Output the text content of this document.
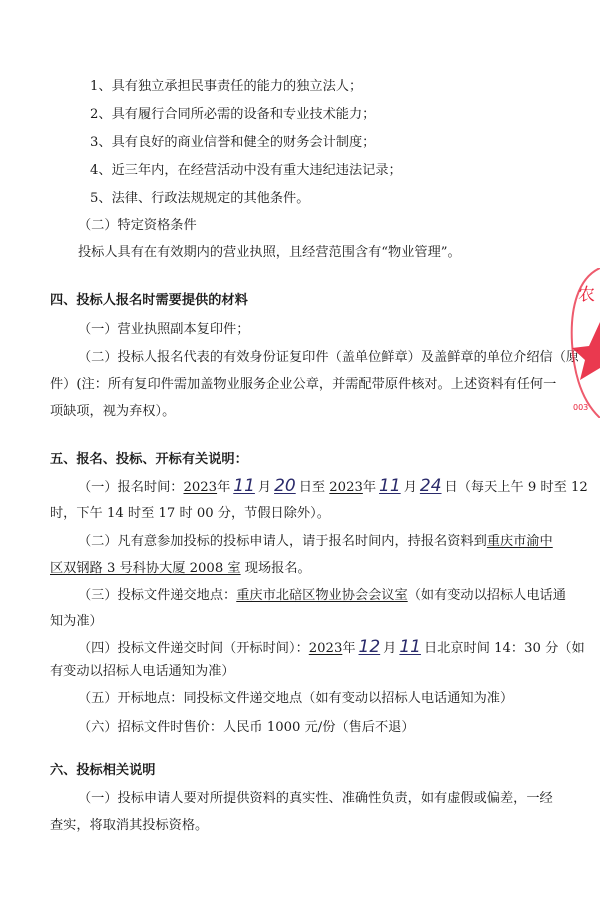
1、具有独立承担民事责任的能力的独立法人；
2、具有履行合同所必需的设备和专业技术能力；
3、具有良好的商业信誉和健全的财务会计制度；
4、近三年内，在经营活动中没有重大违纪违法记录；
5、法律、行政法规规定的其他条件。
（二）特定资格条件
投标人具有在有效期内的营业执照，且经营范围含有“物业管理”。
四、投标人报名时需要提供的材料
（一）营业执照副本复印件；
（二）投标人报名代表的有效身份证复印件（盖单位鲜章）及盖鲜章的单位介绍信（原
件）(注：所有复印件需加盖物业服务企业公章，并需配带原件核对。上述资料有任何一
项缺项，视为弃权）。
五、报名、投标、开标有关说明：
（一）报名时间：2023年 11 月 20 日至 2023年 11 月 24 日（每天上午 9 时至 12
时，下午 14 时至 17 时 00 分，节假日除外）。
（二）凡有意参加投标的投标申请人，请于报名时间内，持报名资料到重庆市渝中
区双钢路 3 号科协大厦 2008 室 现场报名。
（三）投标文件递交地点：重庆市北碚区物业协会会议室（如有变动以招标人电话通
知为准）
（四）投标文件递交时间（开标时间）：2023年 12 月 11 日北京时间 14：30 分（如
有变动以招标人电话通知为准）
（五）开标地点：同投标文件递交地点（如有变动以招标人电话通知为准）
（六）招标文件时售价：人民币 1000 元/份（售后不退）
六、投标相关说明
（一）投标申请人要对所提供资料的真实性、准确性负责，如有虚假或偏差，一经
查实，将取消其投标资格。
农
003
